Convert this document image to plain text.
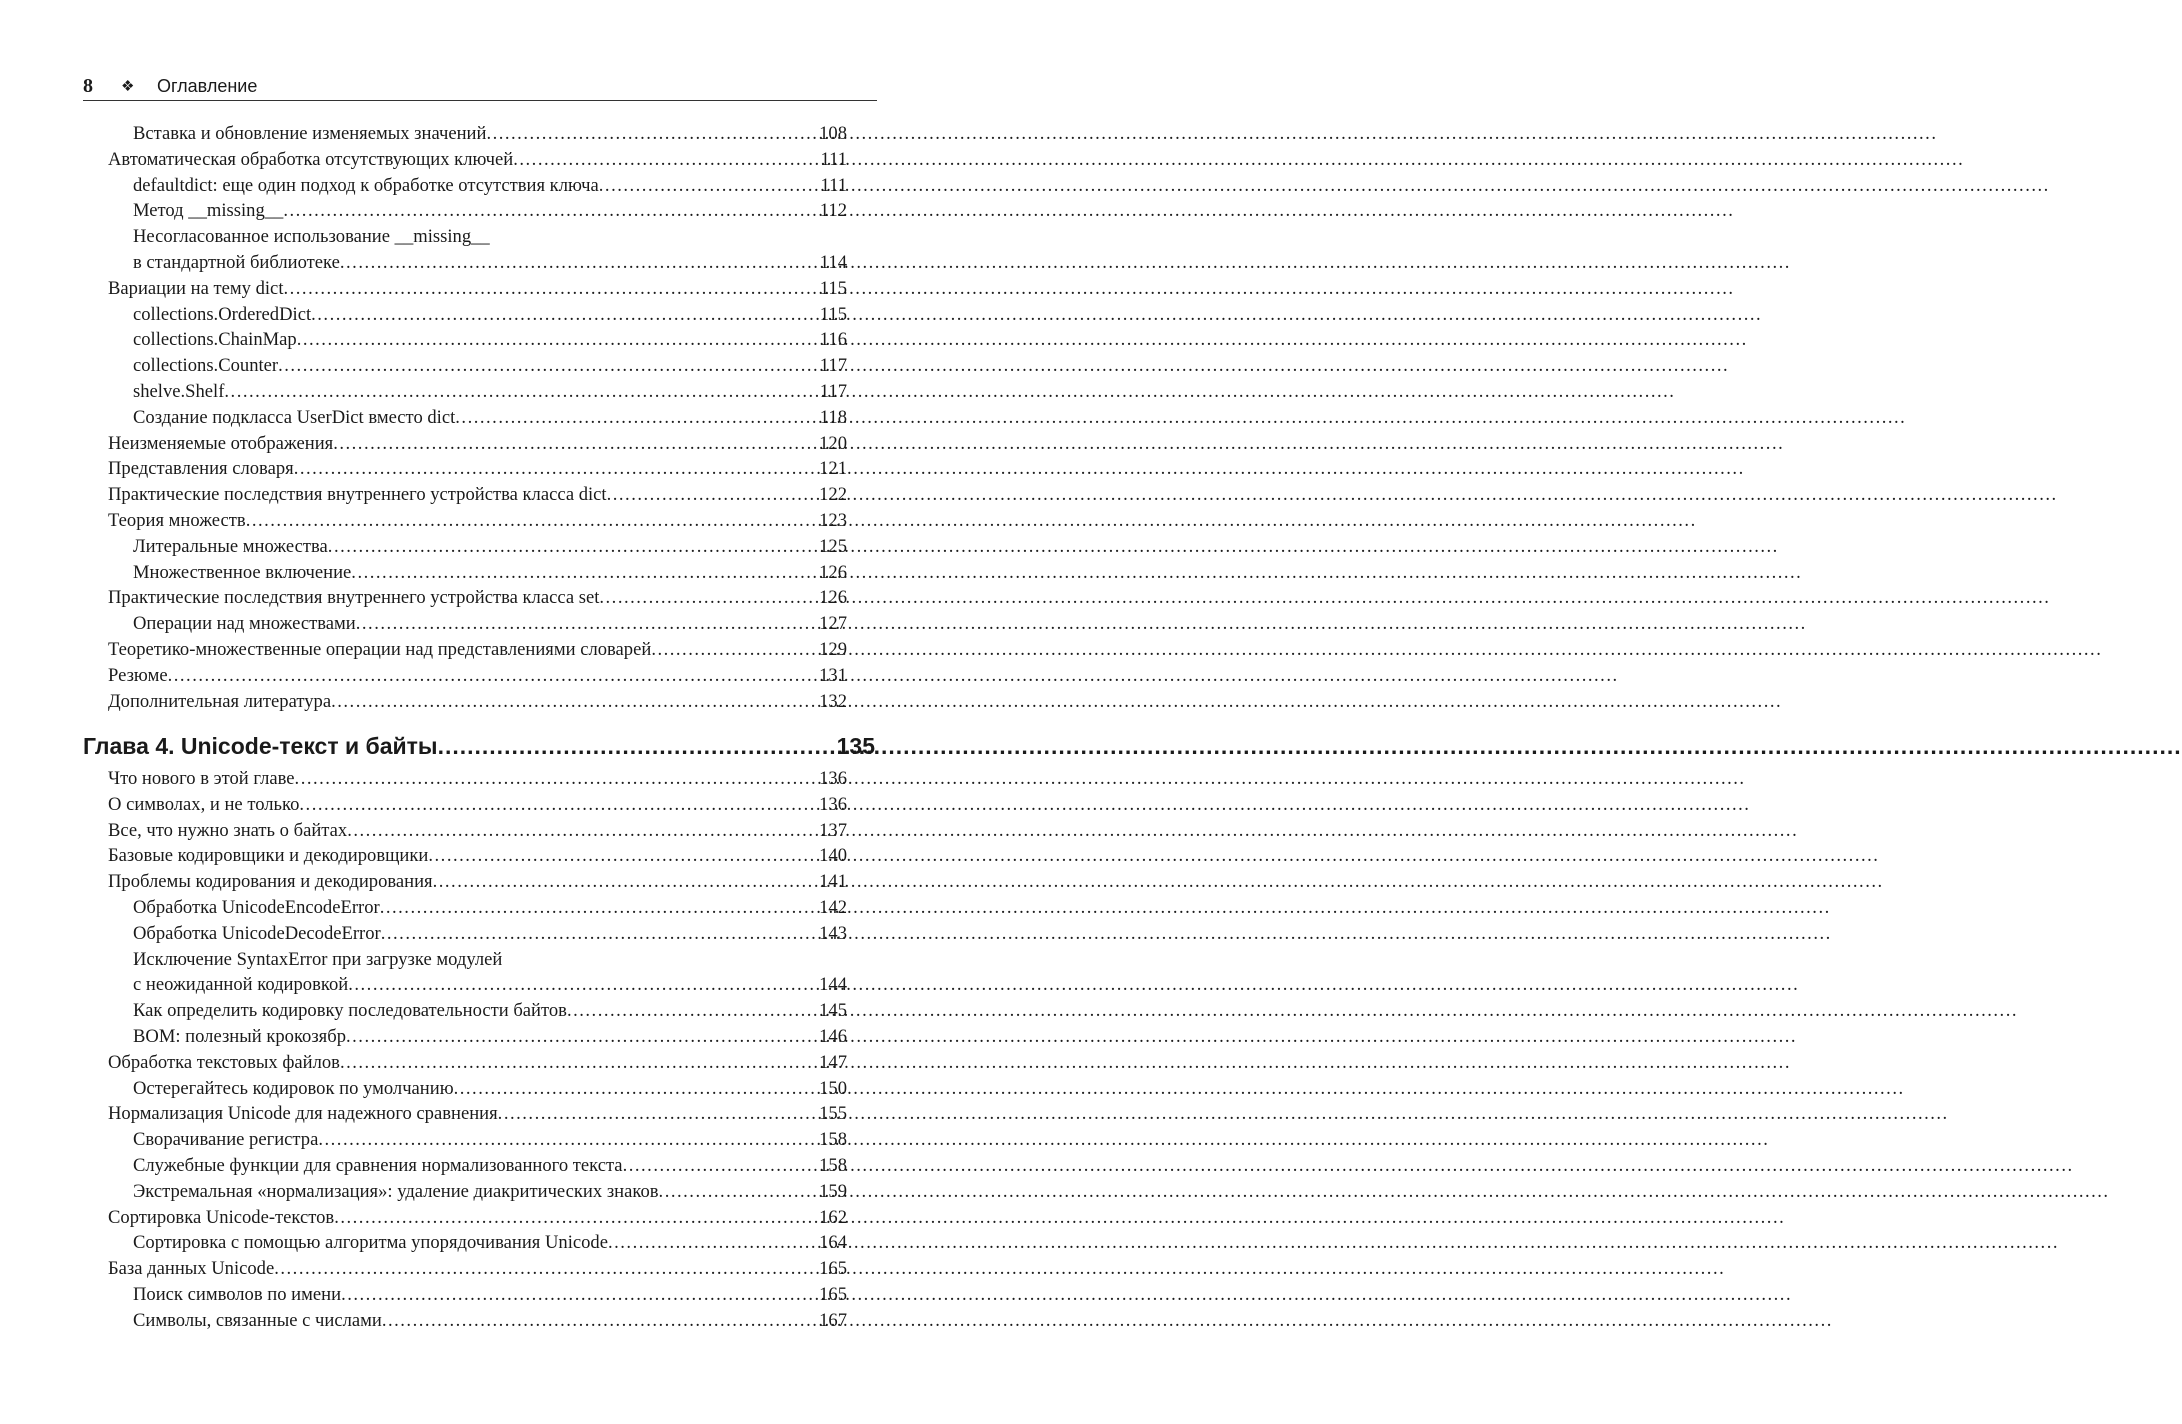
8	❖	Оглавление
Вставка и обновление изменяемых значений .....	108
Автоматическая обработка отсутствующих ключей .....	111
defaultdict: еще один подход к обработке отсутствия ключа .....	111
Метод __missing__ .....	112
Несогласованное использование __missing__
в стандартной библиотеке .....	114
Вариации на тему dict .....	115
collections.OrderedDict .....	115
collections.ChainMap .....	116
collections.Counter .....	117
shelve.Shelf .....	117
Создание подкласса UserDict вместо dict .....	118
Неизменяемые отображения .....	120
Представления словаря .....	121
Практические последствия внутреннего устройства класса dict .....	122
Теория множеств .....	123
Литеральные множества .....	125
Множественное включение .....	126
Практические последствия внутреннего устройства класса set .....	126
Операции над множествами .....	127
Теоретико-множественные операции над представлениями словарей .....	129
Резюме .....	131
Дополнительная литература .....	132
Глава 4. Unicode-текст и байты .....	135
Что нового в этой главе .....	136
О символах, и не только .....	136
Все, что нужно знать о байтах .....	137
Базовые кодировщики и декодировщики .....	140
Проблемы кодирования и декодирования .....	141
Обработка UnicodeEncodeError .....	142
Обработка UnicodeDecodeError .....	143
Исключение SyntaxError при загрузке модулей
с неожиданной кодировкой .....	144
Как определить кодировку последовательности байтов .....	145
BOM: полезный крокозябр .....	146
Обработка текстовых файлов .....	147
Остерегайтесь кодировок по умолчанию .....	150
Нормализация Unicode для надежного сравнения .....	155
Сворачивание регистра .....	158
Служебные функции для сравнения нормализованного текста .....	158
Экстремальная «нормализация»: удаление диакритических знаков .....	159
Сортировка Unicode-текстов .....	162
Сортировка с помощью алгоритма упорядочивания Unicode .....	164
База данных Unicode .....	165
Поиск символов по имени .....	165
Символы, связанные с числами .....	167
